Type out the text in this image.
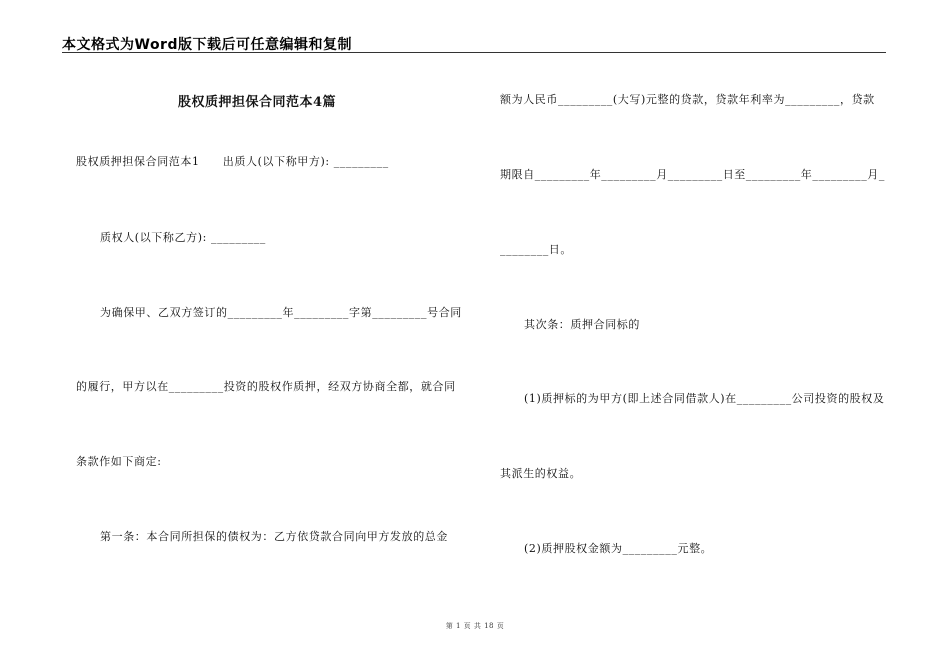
本文格式为Word版下载后可任意编辑和复制
股权质押担保合同范本4篇
股权质押担保合同范本1　　出质人(以下称甲方): _________
质权人(以下称乙方): _________
为确保甲、乙双方签订的_________年_________字第_________号合同
的履行，甲方以在_________投资的股权作质押，经双方协商全都，就合同
条款作如下商定:
第一条：本合同所担保的债权为：乙方依贷款合同向甲方发放的总金
额为人民币_________(大写)元整的贷款，贷款年利率为_________，贷款
期限自_________年_________月_________日至_________年_________月_
________日。
其次条：质押合同标的
(1)质押标的为甲方(即上述合同借款人)在_________公司投资的股权及
其派生的权益。
(2)质押股权金额为_________元整。
第 1 页 共 18 页
